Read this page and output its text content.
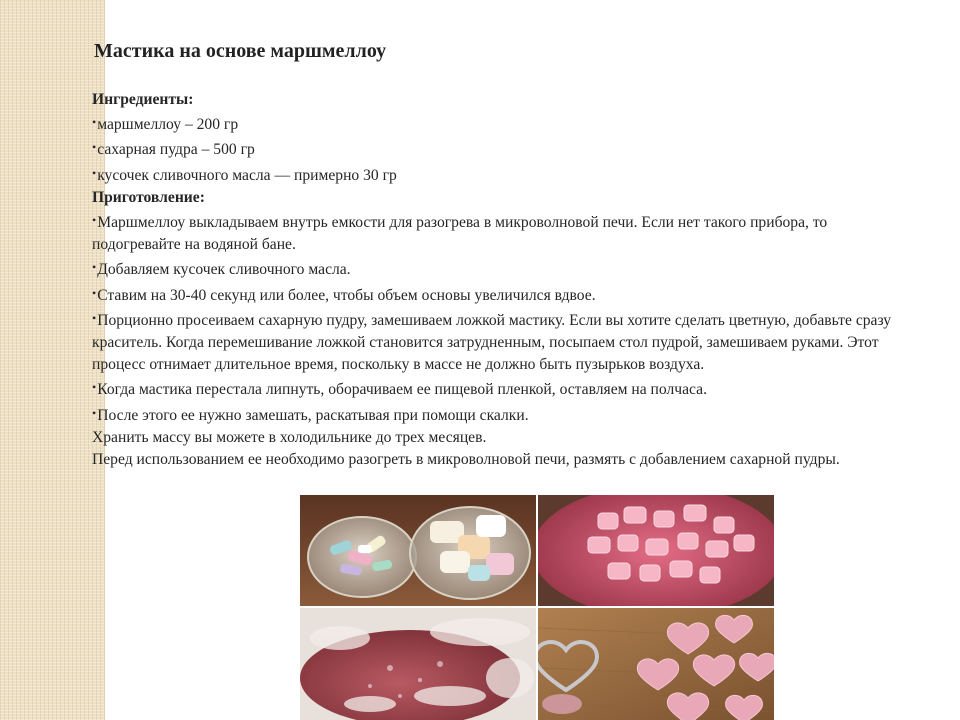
Мастика на основе маршмеллоу
Ингредиенты:
•маршмеллоу – 200 гр
•сахарная пудра – 500 гр
•кусочек сливочного масла — примерно 30 гр
Приготовление:
•Маршмеллоу выкладываем внутрь емкости для разогрева в микроволновой печи. Если нет такого прибора, то подогревайте на водяной бане.
•Добавляем кусочек сливочного масла.
•Ставим на 30-40 секунд или более, чтобы объем основы увеличился вдвое.
•Порционно просеиваем сахарную пудру, замешиваем ложкой мастику. Если вы хотите сделать цветную, добавьте сразу краситель. Когда перемешивание ложкой становится затрудненным, посыпаем стол пудрой, замешиваем руками. Этот процесс отнимает длительное время, поскольку в массе не должно быть пузырьков воздуха.
•Когда мастика перестала липнуть, оборачиваем ее пищевой пленкой, оставляем на полчаса.
•После этого ее нужно замешать, раскатывая при помощи скалки.
Хранить массу вы можете в холодильнике до трех месяцев.
Перед использованием ее необходимо разогреть в микроволновой печи, размять с добавлением сахарной пудры.
